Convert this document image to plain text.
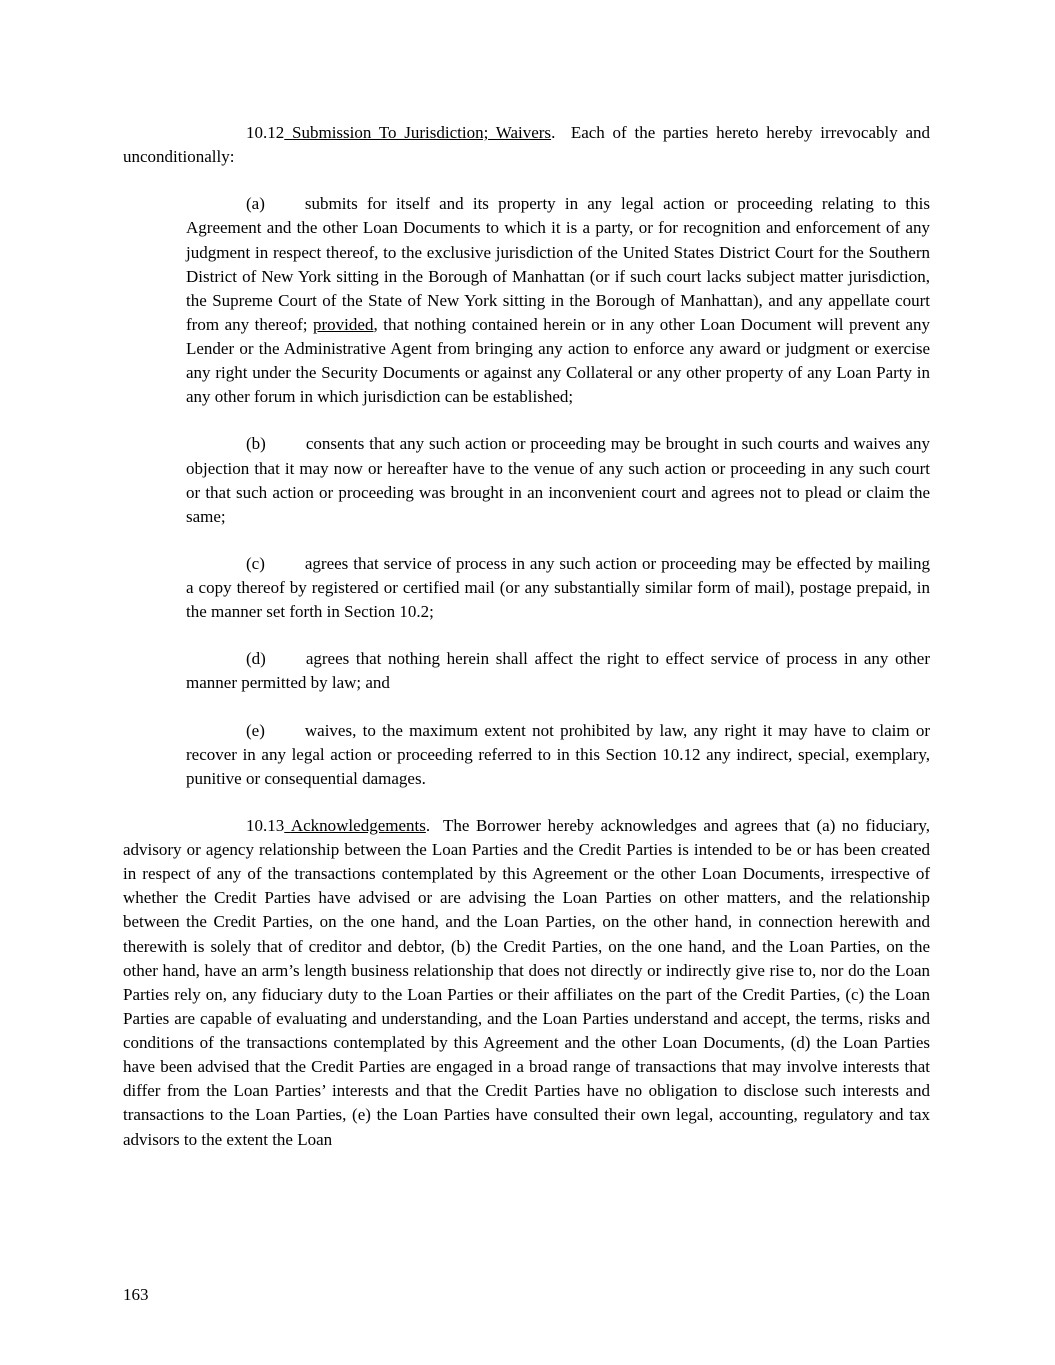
10.12 Submission To Jurisdiction; Waivers. Each of the parties hereto hereby irrevocably and unconditionally:

(a) submits for itself and its property in any legal action or proceeding relating to this Agreement and the other Loan Documents to which it is a party, or for recognition and enforcement of any judgment in respect thereof, to the exclusive jurisdiction of the United States District Court for the Southern District of New York sitting in the Borough of Manhattan (or if such court lacks subject matter jurisdiction, the Supreme Court of the State of New York sitting in the Borough of Manhattan), and any appellate court from any thereof; provided, that nothing contained herein or in any other Loan Document will prevent any Lender or the Administrative Agent from bringing any action to enforce any award or judgment or exercise any right under the Security Documents or against any Collateral or any other property of any Loan Party in any other forum in which jurisdiction can be established;

(b) consents that any such action or proceeding may be brought in such courts and waives any objection that it may now or hereafter have to the venue of any such action or proceeding in any such court or that such action or proceeding was brought in an inconvenient court and agrees not to plead or claim the same;

(c) agrees that service of process in any such action or proceeding may be effected by mailing a copy thereof by registered or certified mail (or any substantially similar form of mail), postage prepaid, in the manner set forth in Section 10.2;

(d) agrees that nothing herein shall affect the right to effect service of process in any other manner permitted by law; and

(e) waives, to the maximum extent not prohibited by law, any right it may have to claim or recover in any legal action or proceeding referred to in this Section 10.12 any indirect, special, exemplary, punitive or consequential damages.

10.13 Acknowledgements. The Borrower hereby acknowledges and agrees that (a) no fiduciary, advisory or agency relationship between the Loan Parties and the Credit Parties is intended to be or has been created in respect of any of the transactions contemplated by this Agreement or the other Loan Documents, irrespective of whether the Credit Parties have advised or are advising the Loan Parties on other matters, and the relationship between the Credit Parties, on the one hand, and the Loan Parties, on the other hand, in connection herewith and therewith is solely that of creditor and debtor, (b) the Credit Parties, on the one hand, and the Loan Parties, on the other hand, have an arm’s length business relationship that does not directly or indirectly give rise to, nor do the Loan Parties rely on, any fiduciary duty to the Loan Parties or their affiliates on the part of the Credit Parties, (c) the Loan Parties are capable of evaluating and understanding, and the Loan Parties understand and accept, the terms, risks and conditions of the transactions contemplated by this Agreement and the other Loan Documents, (d) the Loan Parties have been advised that the Credit Parties are engaged in a broad range of transactions that may involve interests that differ from the Loan Parties’ interests and that the Credit Parties have no obligation to disclose such interests and transactions to the Loan Parties, (e) the Loan Parties have consulted their own legal, accounting, regulatory and tax advisors to the extent the Loan

163
